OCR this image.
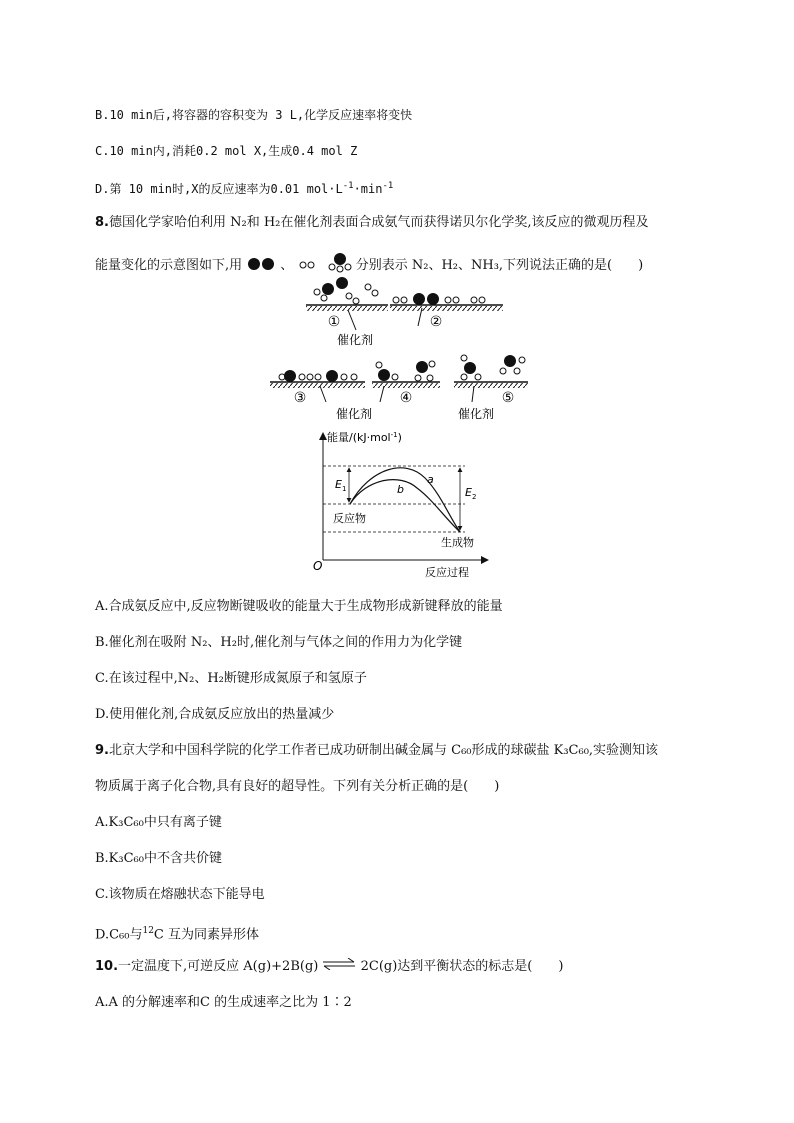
B.10 min后,将容器的容积变为 3 L,化学反应速率将变快
C.10 min内,消耗0.2 mol X,生成0.4 mol Z
D.第 10 min时,X的反应速率为0.01 $mol\cdot L^{-1}\cdot\min^{-1}$
8.德国化学家哈伯利用 N₂和 H₂在催化剂表面合成氨气而获得诺贝尔化学奖,该反应的微观历程及
能量变化的示意图如下,用	、	分别表示 N₂、H₂、NH₃,下列说法正确的是( )
①
催化剂
②
③
催化剂
④	⑤
催化剂
能量/(kJ·mol$^{-1}$)
O	反应过程
a
b
$E_1$	$E_2$
反应物
生成物
A.合成氨反应中,反应物断键吸收的能量大于生成物形成新键释放的能量
B.催化剂在吸附 N₂、H₂时,催化剂与气体之间的作用力为化学键
C.在该过程中,N₂、H₂断键形成氮原子和氢原子
D.使用催化剂,合成氨反应放出的热量减少
9.北京大学和中国科学院的化学工作者已成功研制出碱金属与 C₆₀形成的球碳盐 K₃C₆₀,实验测知该
物质属于离子化合物,具有良好的超导性。下列有关分析正确的是( )
A.K₃C₆₀中只有离子键
B.K₃C₆₀中不含共价键
C.该物质在熔融状态下能导电
D.C₆₀与$^{12}$C 互为同素异形体
10.一定温度下,可逆反应 A(g)+2B(g) ⇌ 2C(g)达到平衡状态的标志是( )
A.A 的分解速率和C 的生成速率之比为 1∶2
